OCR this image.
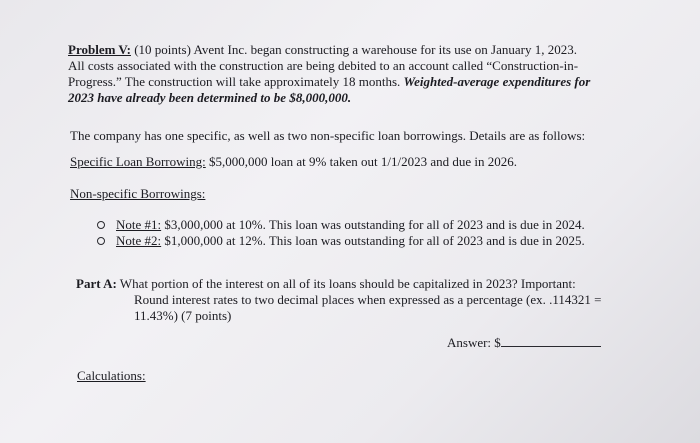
Problem V: (10 points) Avent Inc. began constructing a warehouse for its use on January 1, 2023.
All costs associated with the construction are being debited to an account called “Construction-in-
Progress.” The construction will take approximately 18 months. Weighted-average expenditures for
2023 have already been determined to be $8,000,000.
The company has one specific, as well as two non-specific loan borrowings. Details are as follows:
Specific Loan Borrowing: $5,000,000 loan at 9% taken out 1/1/2023 and due in 2026.
Non-specific Borrowings:
Note #1: $3,000,000 at 10%. This loan was outstanding for all of 2023 and is due in 2024.
Note #2: $1,000,000 at 12%. This loan was outstanding for all of 2023 and is due in 2025.
Part A: What portion of the interest on all of its loans should be capitalized in 2023? Important:
Round interest rates to two decimal places when expressed as a percentage (ex. .114321 =
11.43%) (7 points)
Answer: $
Calculations:
